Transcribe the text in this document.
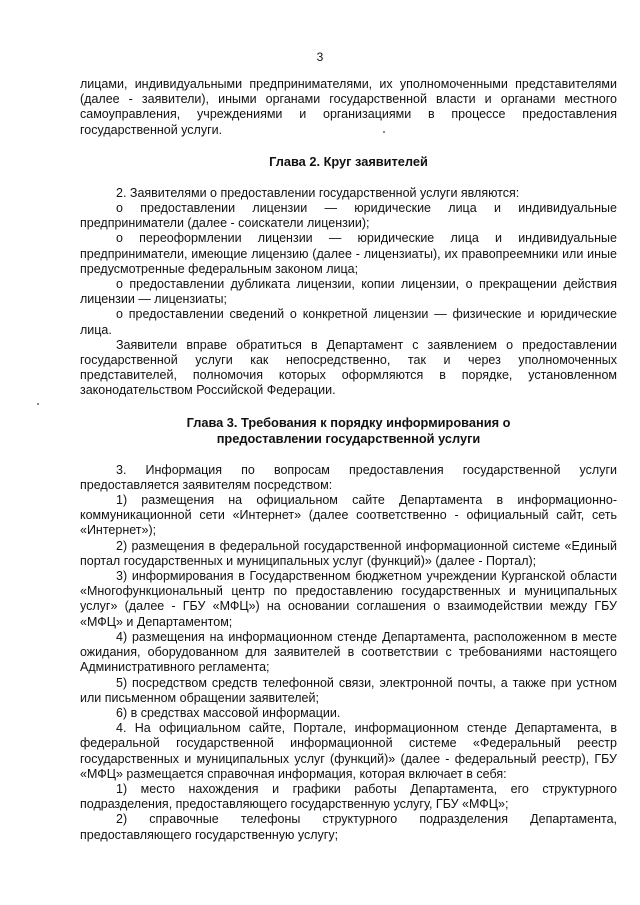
3

лицами, индивидуальными предпринимателями, их уполномоченными представителями (далее - заявители), иными органами государственной власти и органами местного самоуправления, учреждениями и организациями в процессе предоставления государственной услуги.

Глава 2. Круг заявителей

2. Заявителями о предоставлении государственной услуги являются:

о предоставлении лицензии — юридические лица и индивидуальные предприниматели (далее - соискатели лицензии);

о переоформлении лицензии — юридические лица и индивидуальные предприниматели, имеющие лицензию (далее - лицензиаты), их правопреемники или иные предусмотренные федеральным законом лица;

о предоставлении дубликата лицензии, копии лицензии, о прекращении действия лицензии — лицензиаты;

о предоставлении сведений о конкретной лицензии — физические и юридические лица.

Заявители вправе обратиться в Департамент с заявлением о предоставлении государственной услуги как непосредственно, так и через уполномоченных представителей, полномочия которых оформляются в порядке, установленном законодательством Российской Федерации.

Глава 3. Требования к порядку информирования о
предоставлении государственной услуги

3. Информация по вопросам предоставления государственной услуги предоставляется заявителям посредством:

1) размещения на официальном сайте Департамента в информационно-коммуникационной сети «Интернет» (далее соответственно - официальный сайт, сеть «Интернет»);

2) размещения в федеральной государственной информационной системе «Единый портал государственных и муниципальных услуг (функций)» (далее - Портал);

3) информирования в Государственном бюджетном учреждении Курганской области «Многофункциональный центр по предоставлению государственных и муниципальных услуг» (далее - ГБУ «МФЦ») на основании соглашения о взаимодействии между ГБУ «МФЦ» и Департаментом;

4) размещения на информационном стенде Департамента, расположенном в месте ожидания, оборудованном для заявителей в соответствии с требованиями настоящего Административного регламента;

5) посредством средств телефонной связи, электронной почты, а также при устном или письменном обращении заявителей;

6) в средствах массовой информации.

4. На официальном сайте, Портале, информационном стенде Департамента, в федеральной государственной информационной системе «Федеральный реестр государственных и муниципальных услуг (функций)» (далее - федеральный реестр), ГБУ «МФЦ» размещается справочная информация, которая включает в себя:

1) место нахождения и графики работы Департамента, его структурного подразделения, предоставляющего государственную услугу, ГБУ «МФЦ»;

2) справочные телефоны структурного подразделения Департамента, предоставляющего государственную услугу;
